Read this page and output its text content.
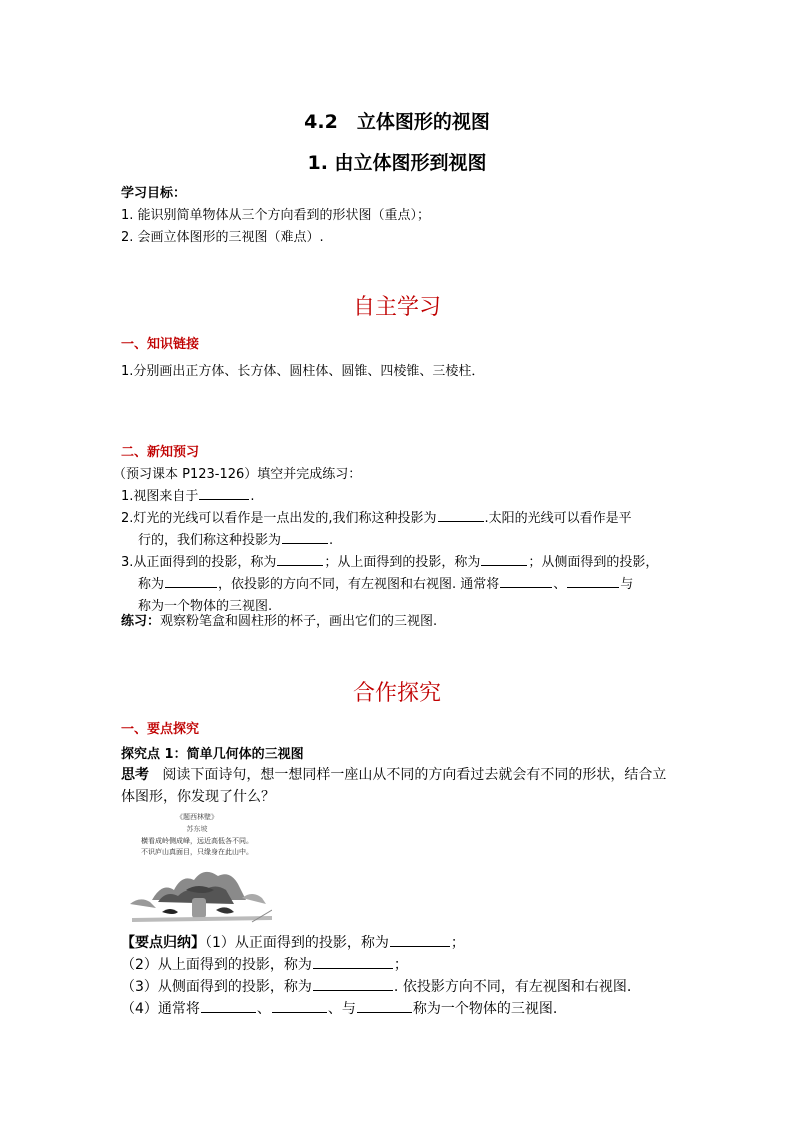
4.2　立体图形的视图
1. 由立体图形到视图
学习目标：
1. 能识别简单物体从三个方向看到的形状图（重点）；
2. 会画立体图形的三视图（难点）.
自主学习
一、知识链接
1.分别画出正方体、长方体、圆柱体、圆锥、四棱锥、三棱柱．
二、新知预习
（预习课本 P123-126）填空并完成练习：
1.视图来自于	.
2.灯光的光线可以看作是一点出发的,我们称这种投影为	.太阳的光线可以看作是平
行的，我们称这种投影为	.
3.从正面得到的投影，称为	；从上面得到的投影，称为	；从侧面得到的投影，
称为	，依投影的方向不同，有左视图和右视图. 通常将	、	与
称为一个物体的三视图.
练习：观察粉笔盒和圆柱形的杯子，画出它们的三视图.
合作探究
一、要点探究
探究点 1：简单几何体的三视图
思考 阅读下面诗句，想一想同样一座山从不同的方向看过去就会有不同的形状，结合立
体图形，你发现了什么？
《题西林壁》
苏东坡
横看成岭侧成峰，远近高低各不同。
不识庐山真面目，只缘身在此山中。
【要点归纳】（1）从正面得到的投影，称为	；
（2）从上面得到的投影，称为	；
（3）从侧面得到的投影，称为	. 依投影方向不同，有左视图和右视图.
（4）通常将	、	、与	称为一个物体的三视图.
